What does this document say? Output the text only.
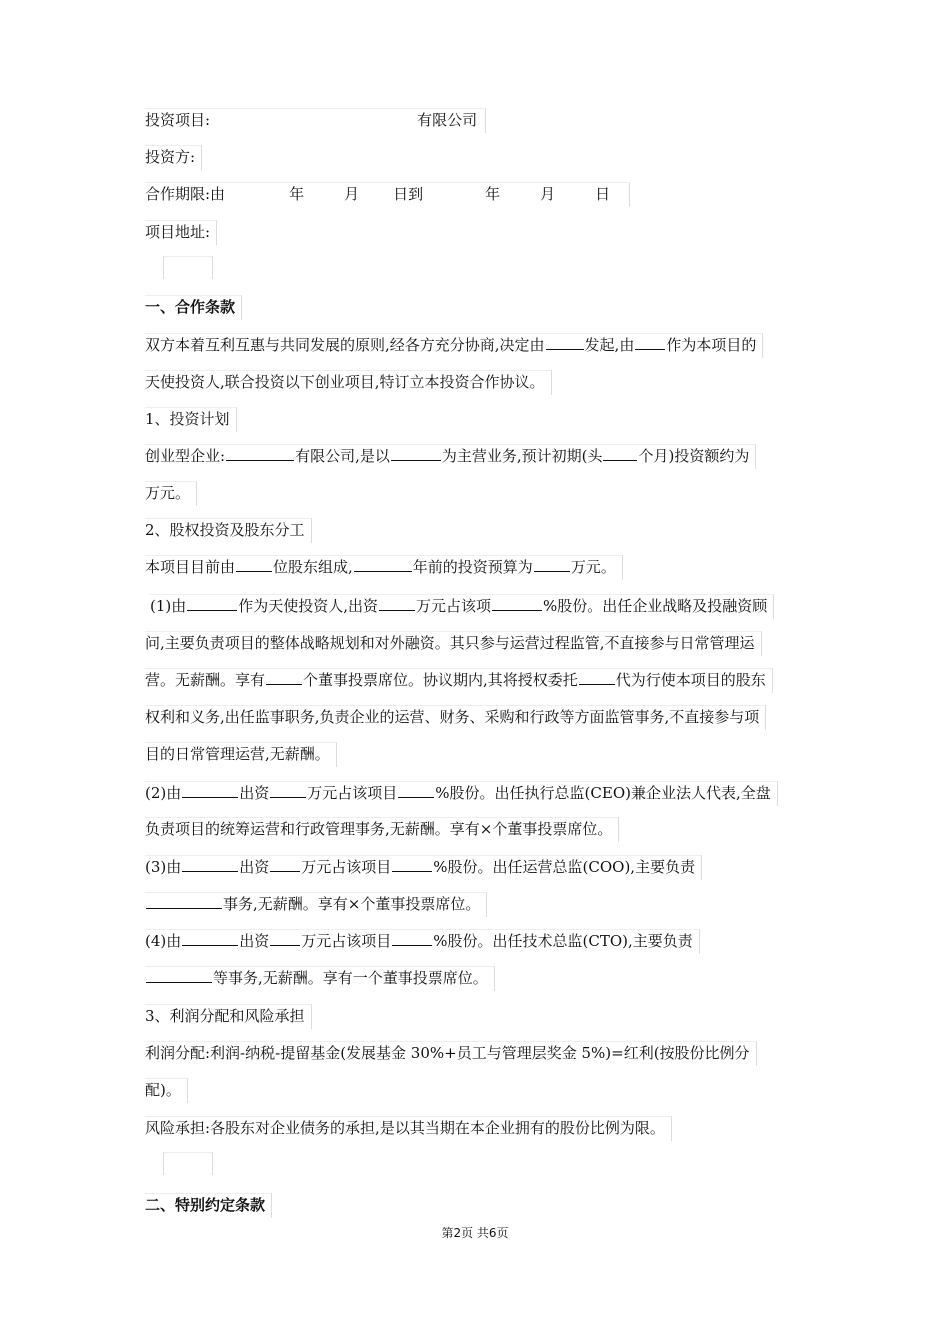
投资项目:	有限公司
投资方:
合作期限:由	年	月 日到	年	月	日
项目地址:
一、合作条款
双方本着互利互惠与共同发展的原则,经各方充分协商,决定由	发起,由 作为本项目的
天使投资人,联合投资以下创业项目,特订立本投资合作协议。
1、投资计划
创业型企业:	有限公司,是以	为主营业务,预计初期(头 个月)投资额约为
万元。
2、股权投资及股东分工
本项目目前由	位股东组成,	年前的投资预算为	万元。
(1)由	作为天使投资人,出资	万元占该项	%股份。出任企业战略及投融资顾
问,主要负责项目的整体战略规划和对外融资。其只参与运营过程监管,不直接参与日常管理运
营。无薪酬。享有	个董事投票席位。协议期内,其将授权委托	代为行使本项目的股东
权利和义务,出任监事职务,负责企业的运营、财务、采购和行政等方面监管事务,不直接参与项
目的日常管理运营,无薪酬。
(2)由	出资	万元占该项目	%股份。出任执行总监(CEO)兼企业法人代表,全盘
负责项目的统筹运营和行政管理事务,无薪酬。享有×个董事投票席位。
(3)由	出资 万元占该项目	%股份。出任运营总监(COO),主要负责
事务,无薪酬。享有×个董事投票席位。
(4)由	出资 万元占该项目	%股份。出任技术总监(CTO),主要负责
等事务,无薪酬。享有一个董事投票席位。
3、利润分配和风险承担
利润分配:利润-纳税-提留基金(发展基金 30%+员工与管理层奖金 5%)=红利(按股份比例分
配)。
风险承担:各股东对企业债务的承担,是以其当期在本企业拥有的股份比例为限。
二、特别约定条款
第2页 共6页
